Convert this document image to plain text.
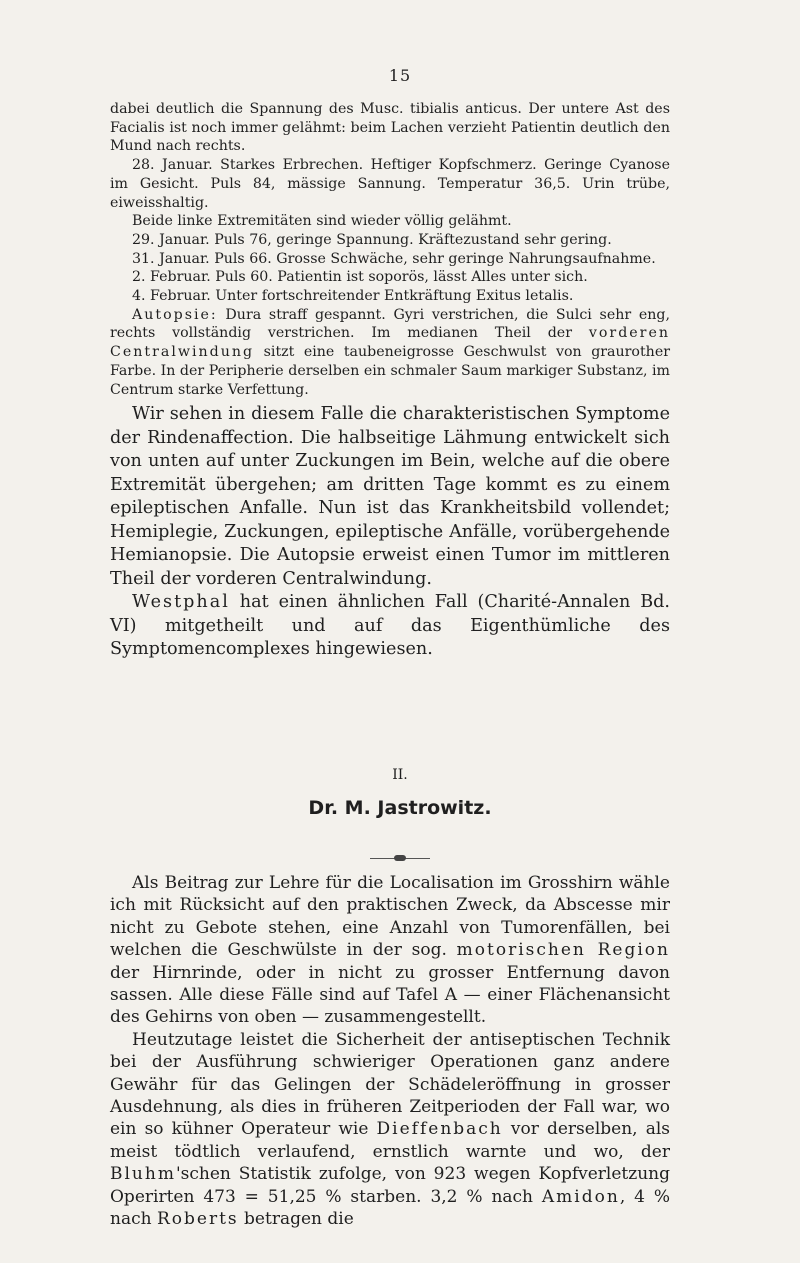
15

dabei deutlich die Spannung des Musc. tibialis anticus. Der untere Ast des Facialis ist noch immer gelähmt: beim Lachen verzieht Patientin deutlich den Mund nach rechts.

28. Januar. Starkes Erbrechen. Heftiger Kopfschmerz. Geringe Cyanose im Gesicht. Puls 84, mässige Sannung. Temperatur 36,5. Urin trübe, eiweisshaltig.

Beide linke Extremitäten sind wieder völlig gelähmt.

29. Januar. Puls 76, geringe Spannung. Kräftezustand sehr gering.

31. Januar. Puls 66. Grosse Schwäche, sehr geringe Nahrungsaufnahme.

2. Februar. Puls 60. Patientin ist soporös, lässt Alles unter sich.

4. Februar. Unter fortschreitender Entkräftung Exitus letalis.

Autopsie: Dura straff gespannt. Gyri verstrichen, die Sulci sehr eng, rechts vollständig verstrichen. Im medianen Theil der vorderen Centralwindung sitzt eine taubeneigrosse Geschwulst von graurother Farbe. In der Peripherie derselben ein schmaler Saum markiger Substanz, im Centrum starke Verfettung.

Wir sehen in diesem Falle die charakteristischen Symptome der Rindenaffection. Die halbseitige Lähmung entwickelt sich von unten auf unter Zuckungen im Bein, welche auf die obere Extremität übergehen; am dritten Tage kommt es zu einem epileptischen Anfalle. Nun ist das Krankheitsbild vollendet; Hemiplegie, Zuckungen, epileptische Anfälle, vorübergehende Hemianopsie. Die Autopsie erweist einen Tumor im mittleren Theil der vorderen Centralwindung.

Westphal hat einen ähnlichen Fall (Charité-Annalen Bd. VI) mitgetheilt und auf das Eigenthümliche des Symptomencomplexes hingewiesen.

II.
Dr. M. Jastrowitz.

Als Beitrag zur Lehre für die Localisation im Grosshirn wähle ich mit Rücksicht auf den praktischen Zweck, da Abscesse mir nicht zu Gebote stehen, eine Anzahl von Tumorenfällen, bei welchen die Geschwülste in der sog. motorischen Region der Hirnrinde, oder in nicht zu grosser Entfernung davon sassen. Alle diese Fälle sind auf Tafel A — einer Flächenansicht des Gehirns von oben — zusammengestellt.

Heutzutage leistet die Sicherheit der antiseptischen Technik bei der Ausführung schwieriger Operationen ganz andere Gewähr für das Gelingen der Schädeleröffnung in grosser Ausdehnung, als dies in früheren Zeitperioden der Fall war, wo ein so kühner Operateur wie Dieffenbach vor derselben, als meist tödtlich verlaufend, ernstlich warnte und wo, der Bluhm'schen Statistik zufolge, von 923 wegen Kopfverletzung Operirten 473 = 51,25 % starben. 3,2 % nach Amidon, 4 % nach Roberts betragen die
